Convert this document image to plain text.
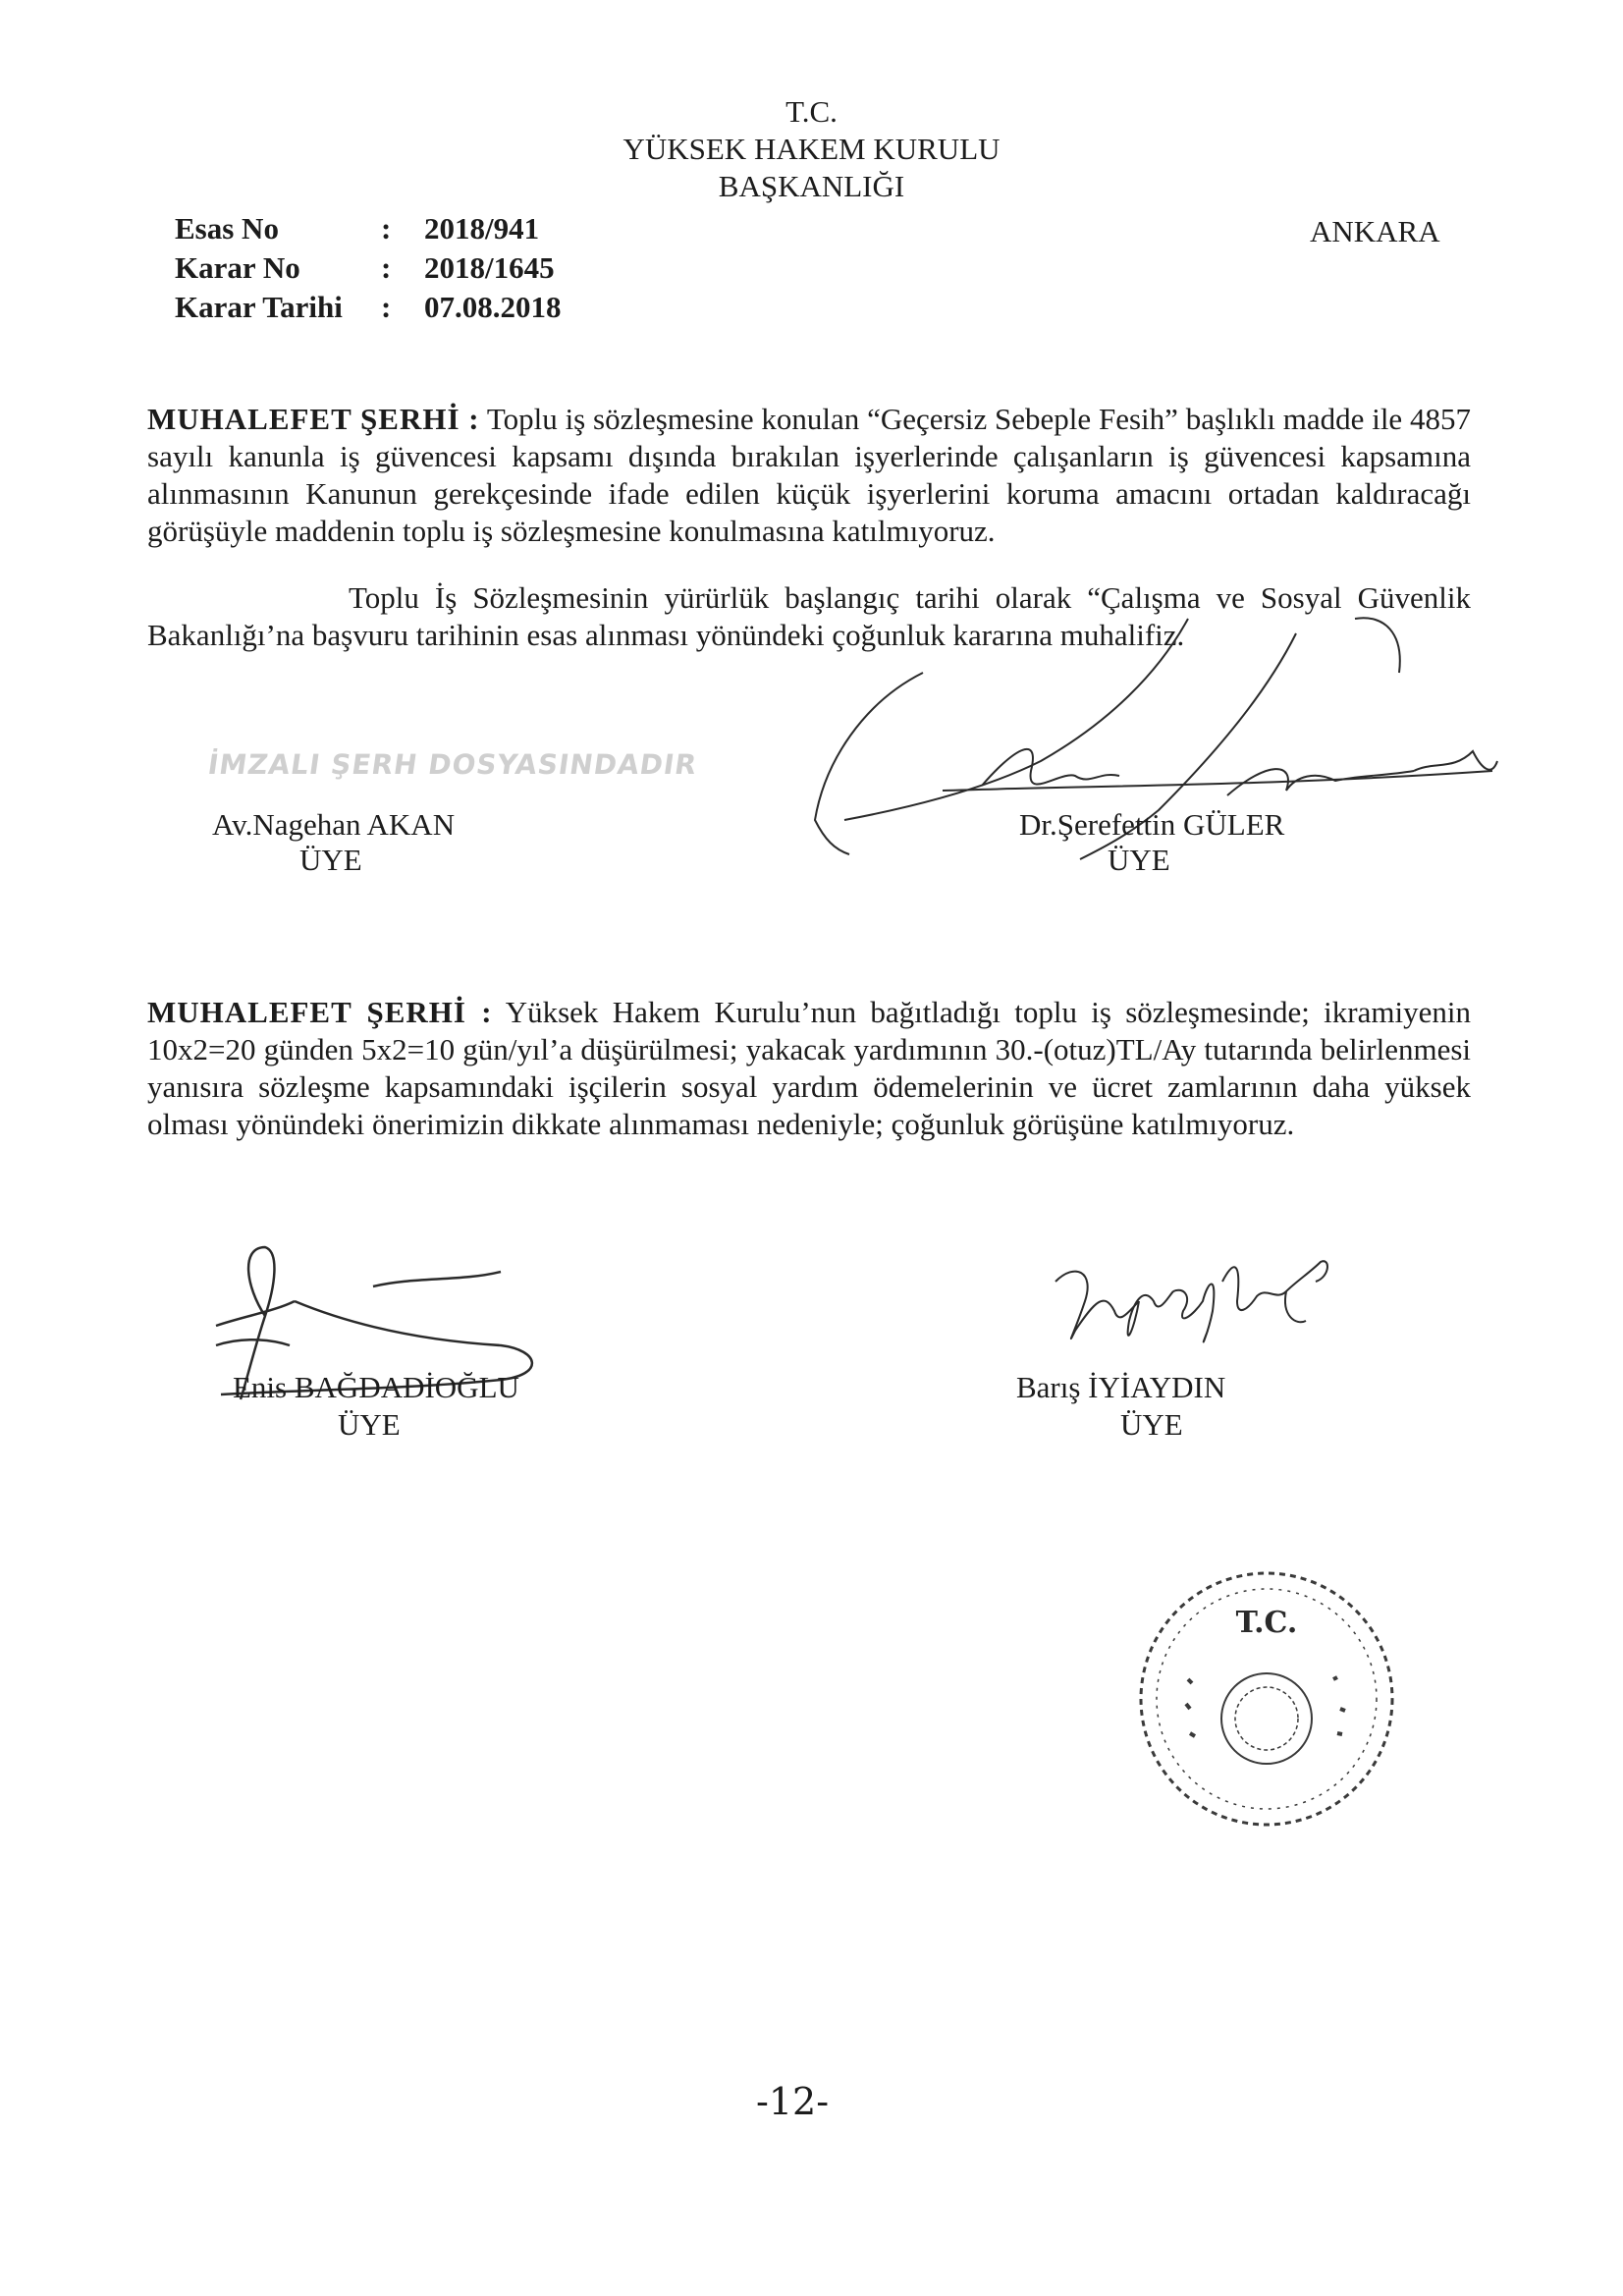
T.C.
YÜKSEK HAKEM KURULU
BAŞKANLIĞI
ANKARA
Esas No	: 2018/941
Karar No	: 2018/1645
Karar Tarihi : 07.08.2018
MUHALEFET ŞERHİ : Toplu iş sözleşmesine konulan “Geçersiz Sebeple Fesih” başlıklı madde ile 4857 sayılı kanunla iş güvencesi kapsamı dışında bırakılan işyerlerinde çalışanların iş güvencesi kapsamına alınmasının Kanunun gerekçesinde ifade edilen küçük işyerlerini koruma amacını ortadan kaldıracağı görüşüyle maddenin toplu iş sözleşmesine konulmasına katılmıyoruz.
Toplu İş Sözleşmesinin yürürlük başlangıç tarihi olarak “Çalışma ve Sosyal Güvenlik Bakanlığı’na başvuru tarihinin esas alınması yönündeki çoğunluk kararına muhalifiz.
İMZALI ŞERH DOSYASINDADIR
Av.Nagehan AKAN
ÜYE
Dr.Şerefettin GÜLER
ÜYE
MUHALEFET ŞERHİ : Yüksek Hakem Kurulu’nun bağıtladığı toplu iş sözleşmesinde; ikramiyenin 10x2=20 günden 5x2=10 gün/yıl’a düşürülmesi; yakacak yardımının 30.-(otuz)TL/Ay tutarında belirlenmesi yanısıra sözleşme kapsamındaki işçilerin sosyal yardım ödemelerinin ve ücret zamlarının daha yüksek olması yönündeki önerimizin dikkate alınmaması nedeniyle; çoğunluk görüşüne katılmıyoruz.
Enis BAĞDADİOĞLU
ÜYE
Barış İYİAYDIN
ÜYE
T.C.
-12-
